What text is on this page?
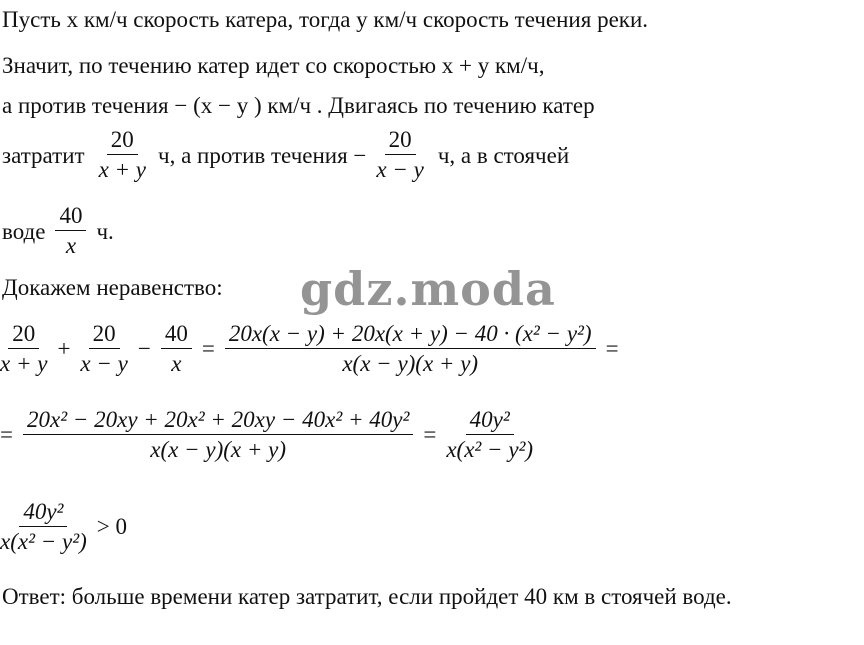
Пусть x км/ч скорость катера, тогда y км/ч скорость течения реки.
Значит, по течению катер идет со скоростью x + y км/ч,
а против течения − (x − y ) км/ч . Двигаясь по течению катер
затратит $\frac{20}{x + y} ч$, а против течения − $\frac{20}{x - y} ч$, а в стоячей
воде $\frac{40}{x} ч$.
Докажем неравенство: gdz.moda
$\frac{20}{x + y} + \frac{20}{x - y} - \frac{40}{x} = \frac{\text{20x(x − y) + 20x(x + y) − 40 · (x² − y²)}}{x(x - y)(x + y)}$ =
= $\frac{\text{20x² − 20xy + 20x² + 20xy − 40x² + 40y²}}{x(x - y)(x + y)} = \frac{\text{40y²}}{\text{x(x² − y²)}}$
$\frac{\text{40y²}}{\text{x(x² − y²)}} > 0$
Ответ: больше времени катер затратит, если пройдет 40 км в стоячей воде.
